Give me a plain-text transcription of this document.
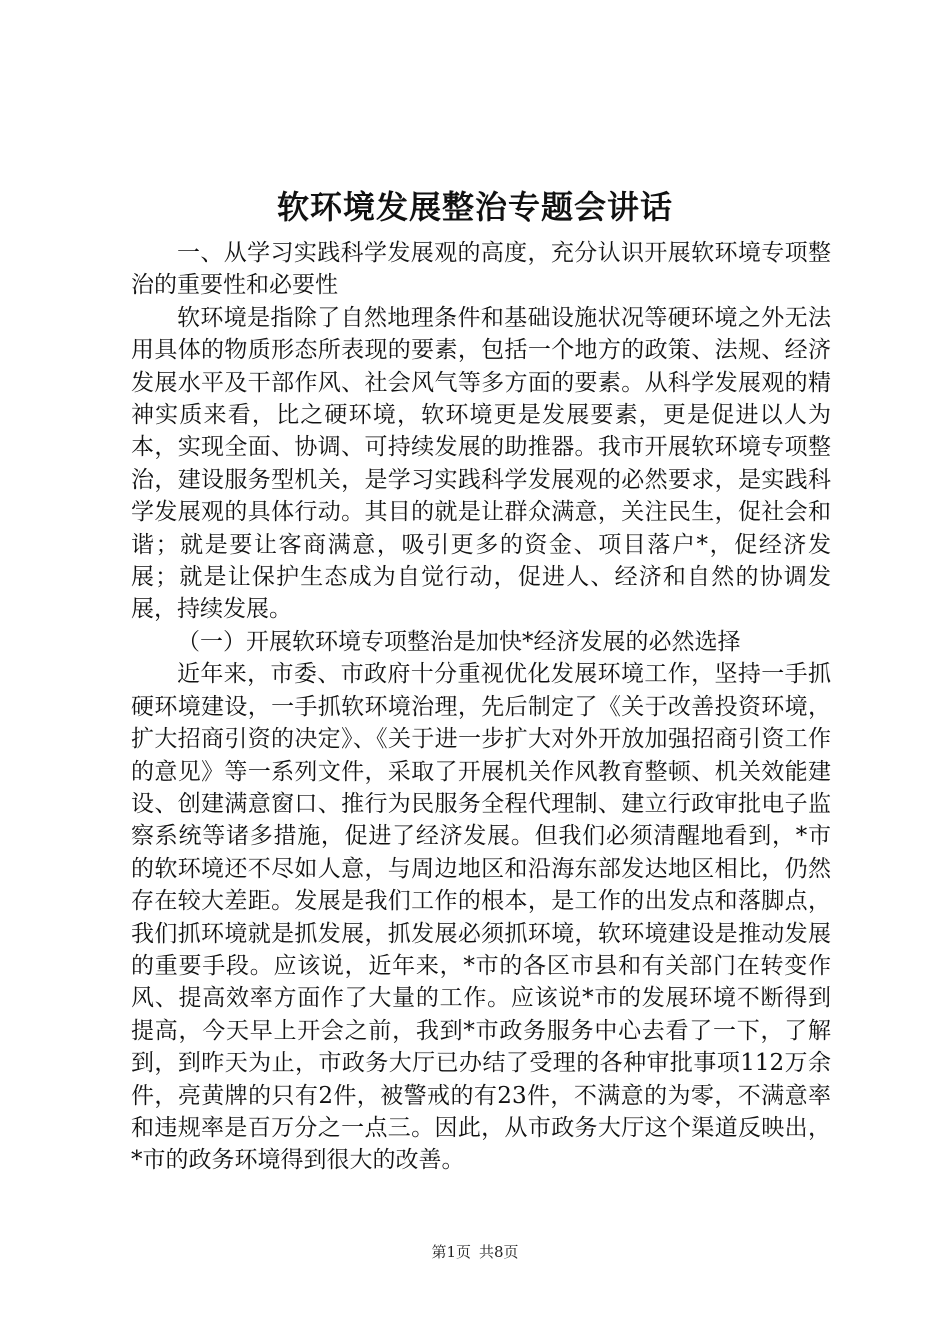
软环境发展整治专题会讲话

一、从学习实践科学发展观的高度，充分认识开展软环境专项整治的重要性和必要性

软环境是指除了自然地理条件和基础设施状况等硬环境之外无法用具体的物质形态所表现的要素，包括一个地方的政策、法规、经济发展水平及干部作风、社会风气等多方面的要素。从科学发展观的精神实质来看，比之硬环境，软环境更是发展要素，更是促进以人为本，实现全面、协调、可持续发展的助推器。我市开展软环境专项整治，建设服务型机关，是学习实践科学发展观的必然要求，是实践科学发展观的具体行动。其目的就是让群众满意，关注民生，促社会和谐；就是要让客商满意，吸引更多的资金、项目落户*，促经济发展；就是让保护生态成为自觉行动，促进人、经济和自然的协调发展，持续发展。

（一）开展软环境专项整治是加快*经济发展的必然选择

近年来，市委、市政府十分重视优化发展环境工作，坚持一手抓硬环境建设，一手抓软环境治理，先后制定了《关于改善投资环境，扩大招商引资的决定》、《关于进一步扩大对外开放加强招商引资工作的意见》等一系列文件，采取了开展机关作风教育整顿、机关效能建设、创建满意窗口、推行为民服务全程代理制、建立行政审批电子监察系统等诸多措施，促进了经济发展。但我们必须清醒地看到，*市的软环境还不尽如人意，与周边地区和沿海东部发达地区相比，仍然存在较大差距。发展是我们工作的根本，是工作的出发点和落脚点，我们抓环境就是抓发展，抓发展必须抓环境，软环境建设是推动发展的重要手段。应该说，近年来，*市的各区市县和有关部门在转变作风、提高效率方面作了大量的工作。应该说*市的发展环境不断得到提高，今天早上开会之前，我到*市政务服务中心去看了一下，了解到，到昨天为止，市政务大厅已办结了受理的各种审批事项112万余件，亮黄牌的只有2件，被警戒的有23件，不满意的为零，不满意率和违规率是百万分之一点三。因此，从市政务大厅这个渠道反映出，*市的政务环境得到很大的改善。

第1页 共8页
